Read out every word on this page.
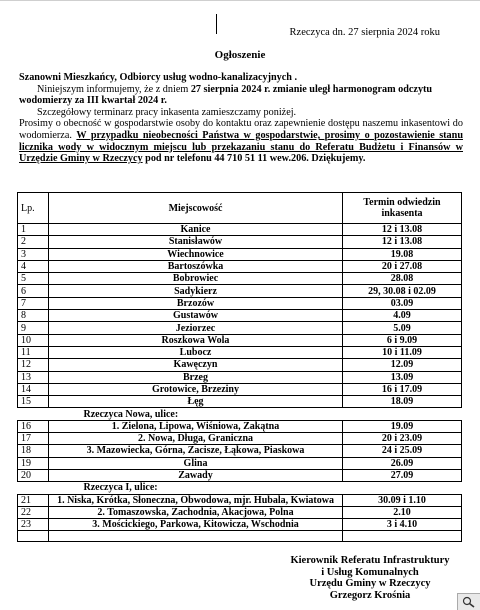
Rzeczyca dn. 27 sierpnia 2024 roku
Ogłoszenie

Szanowni Mieszkańcy, Odbiorcy usług wodno-kanalizacyjnych .

Niniejszym informujemy, że z dniem 27 sierpnia 2024 r. zmianie uległ harmonogram odczytu wodomierzy za III kwartał 2024 r.

Szczegółowy terminarz pracy inkasenta zamieszczamy poniżej.

Prosimy o obecność w gospodarstwie osoby do kontaktu oraz zapewnienie dostępu naszemu inkasentowi do wodomierza. W przypadku nieobecności Państwa w gospodarstwie, prosimy o pozostawienie stanu licznika wody w widocznym miejscu lub przekazaniu stanu do Referatu Budżetu i Finansów w Urzędzie Gminy w Rzeczycy pod nr telefonu 44 710 51 11 wew.206. Dziękujemy.

Lp.	Miejscowość	Termin odwiedzin inkasenta
1	Kanice	12 i 13.08
2	Stanisławów	12 i 13.08
3	Wiechnowice	19.08
4	Bartoszówka	20 i 27.08
5	Bobrowiec	28.08
6	Sadykierz	29, 30.08 i 02.09
7	Brzozów	03.09
8	Gustawów	4.09
9	Jeziorzec	5.09
10	Roszkowa Wola	6 i 9.09
11	Lubocz	10 i 11.09
12	Kawęczyn	12.09
13	Brzeg	13.09
14	Grotowice, Brzeziny	16 i 17.09
15	Łęg	18.09
Rzeczyca Nowa, ulice:		
16	1. Zielona, Lipowa, Wiśniowa, Zakątna	19.09
17	2. Nowa, Długa, Graniczna	20 i 23.09
18	3. Mazowiecka, Górna, Zacisze, Łąkowa, Piaskowa	24 i 25.09
19	Glina	26.09
20	Zawady	27.09
Rzeczyca I, ulice:		
21	1. Niska, Krótka, Słoneczna, Obwodowa, mjr. Hubala, Kwiatowa	30.09 i 1.10
22	2. Tomaszowska, Zachodnia, Akacjowa, Polna	2.10
23	3. Mościckiego, Parkowa, Kitowicza, Wschodnia	3 i 4.10

Kierownik Referatu Infrastruktury
i Usług Komunalnych
Urzędu Gminy w Rzeczycy
Grzegorz Krośnia
